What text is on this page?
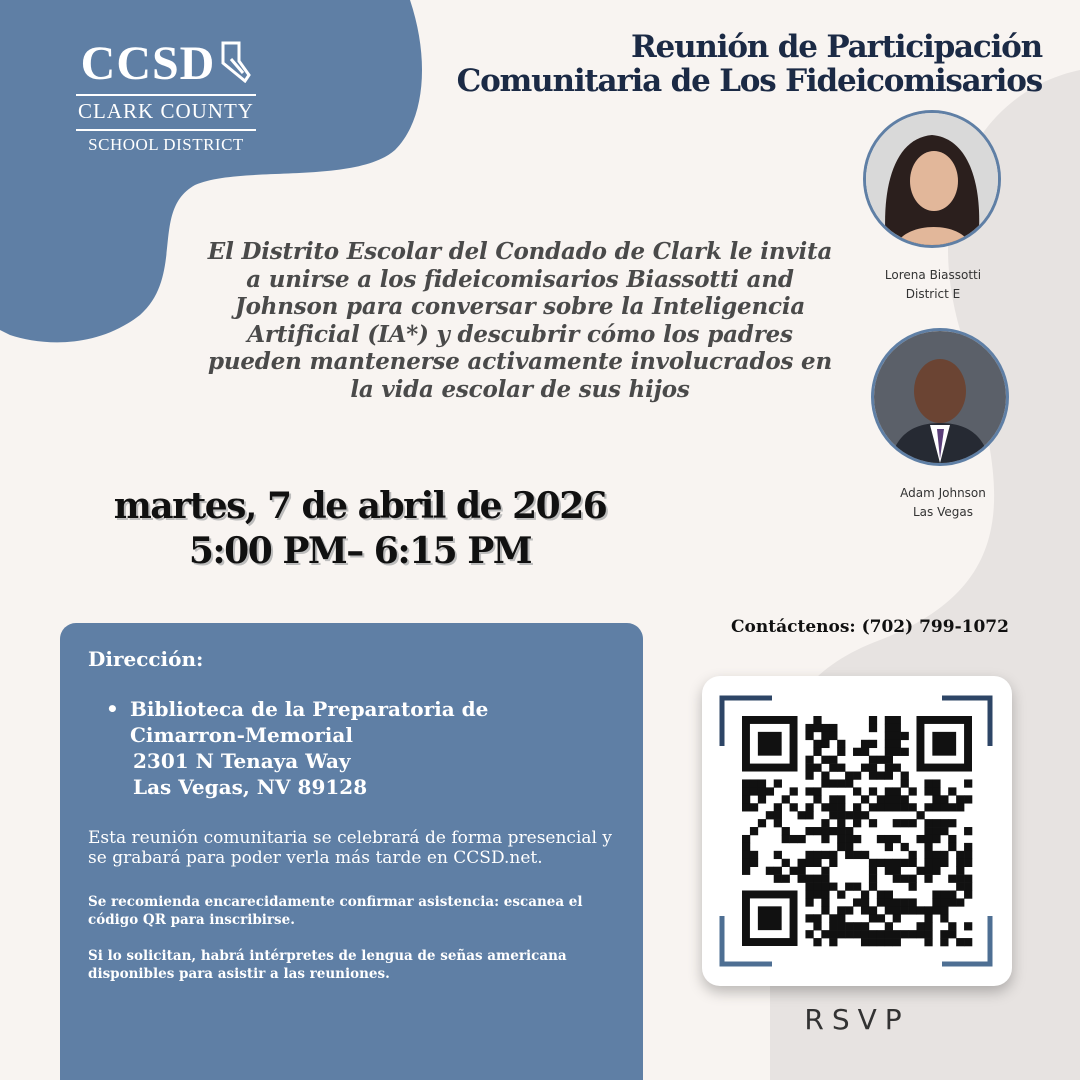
CCSD
CLARK COUNTY
SCHOOL DISTRICT
Reunión de Participación
Comunitaria de Los Fideicomisarios
El Distrito Escolar del Condado de Clark le invita a unirse a los fideicomisarios Biassotti and Johnson para conversar sobre la Inteligencia Artificial (IA*) y descubrir cómo los padres pueden mantenerse activamente involucrados en la vida escolar de sus hijos
Lorena Biassotti
District E
Adam Johnson
Las Vegas
martes, 7 de abril de 2026
5:00 PM– 6:15 PM
Dirección:
• Biblioteca de la Preparatoria de
Cimarron-Memorial
2301 N Tenaya Way
Las Vegas, NV 89128
Esta reunión comunitaria se celebrará de forma presencial y se grabará para poder verla más tarde en CCSD.net.
Se recomienda encarecidamente confirmar asistencia: escanea el código QR para inscribirse.
Si lo solicitan, habrá intérpretes de lengua de señas americana disponibles para asistir a las reuniones.
Contáctenos: (702) 799-1072
RSVP
